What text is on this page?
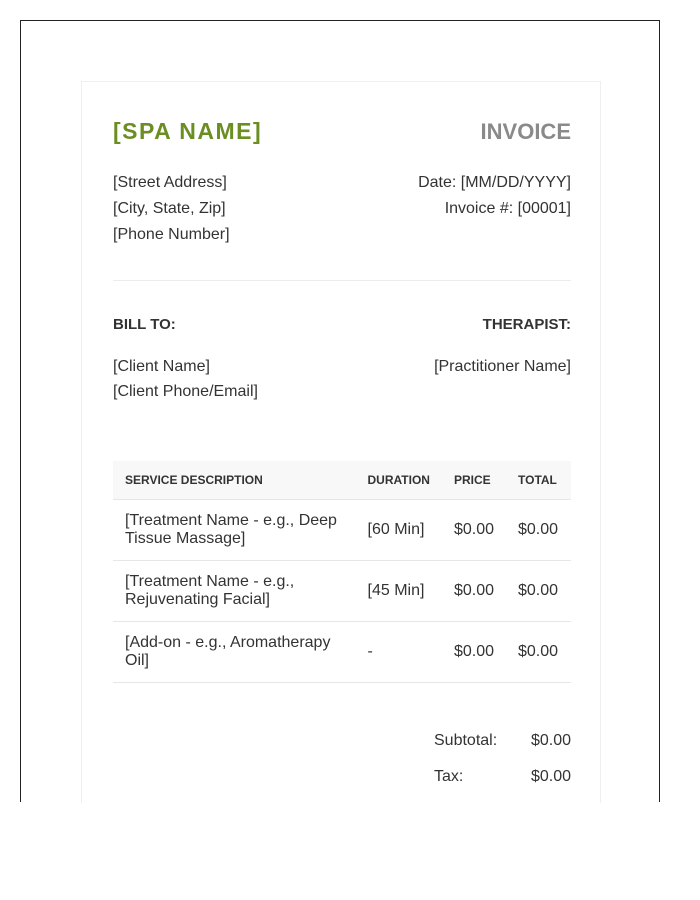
[SPA NAME]	INVOICE
[Street Address]
[City, State, Zip]
[Phone Number]
Date: [MM/DD/YYYY]
Invoice #: [00001]
BILL TO:	THERAPIST:
[Client Name]
[Client Phone/Email]
[Practitioner Name]
SERVICE DESCRIPTION	DURATION	PRICE	TOTAL
[Treatment Name - e.g., Deep Tissue Massage]	[60 Min]	$0.00	$0.00
[Treatment Name - e.g., Rejuvenating Facial]	[45 Min]	$0.00	$0.00
[Add-on - e.g., Aromatherapy Oil]	-	$0.00	$0.00
Subtotal: $0.00
Tax:	$0.00
